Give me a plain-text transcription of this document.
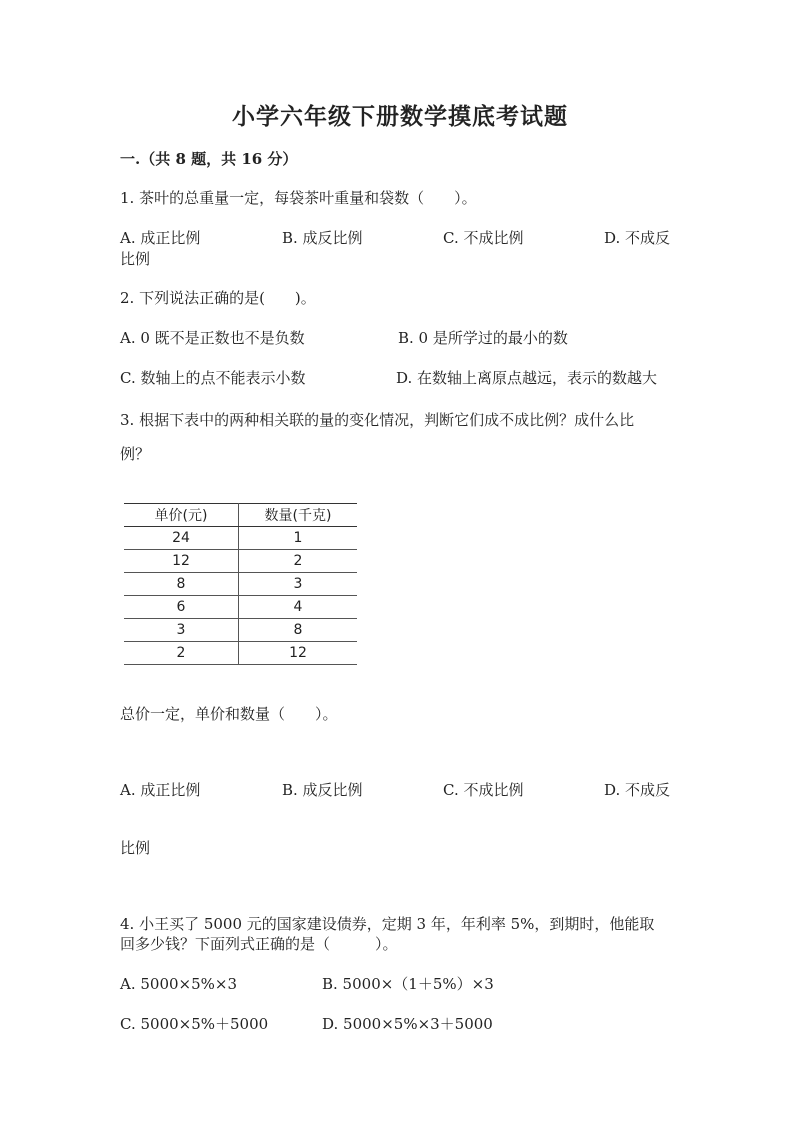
小学六年级下册数学摸底考试题
一.（共 8 题，共 16 分）
1. 茶叶的总重量一定，每袋茶叶重量和袋数（　　）。
A. 成正比例	B. 成反比例	C. 不成比例	D. 不成反
比例
2. 下列说法正确的是(　　)。
A. 0 既不是正数也不是负数	B. 0 是所学过的最小的数
C. 数轴上的点不能表示小数	D. 在数轴上离原点越远，表示的数越大
3. 根据下表中的两种相关联的量的变化情况，判断它们成不成比例？成什么比
例？
单价(元)	数量(千克)
24	1
12	2
8	3
6	4
3	8
2	12
总价一定，单价和数量（　　）。
A. 成正比例	B. 成反比例	C. 不成比例	D. 不成反
比例
4. 小王买了 5000 元的国家建设债券，定期 3 年，年利率 5%，到期时，他能取
回多少钱？下面列式正确的是（　　　）。
A. 5000×5%×3	B. 5000×（1＋5%）×3
C. 5000×5%＋5000	D. 5000×5%×3＋5000
